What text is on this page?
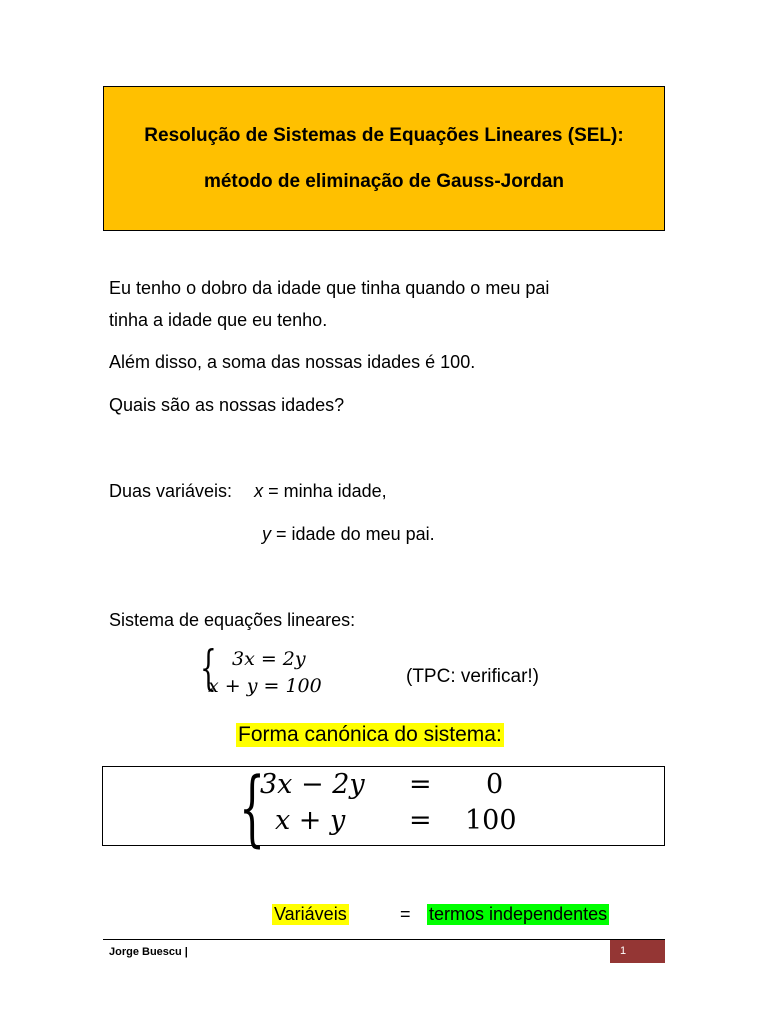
Resolução de Sistemas de Equações Lineares (SEL):
método de eliminação de Gauss-Jordan
Eu tenho o dobro da idade que tinha quando o meu pai
tinha a idade que eu tenho.
Além disso, a soma das nossas idades é 100.
Quais são as nossas idades?
Duas variáveis: x = minha idade,
y = idade do meu pai.
Sistema de equações lineares:
{ 3x = 2y
x + y = 100	(TPC: verificar!)
Forma canónica do sistema:
{
3x − 2y = 0
x + y = 100
Variáveis	= termos independentes
Jorge Buescu |	1
